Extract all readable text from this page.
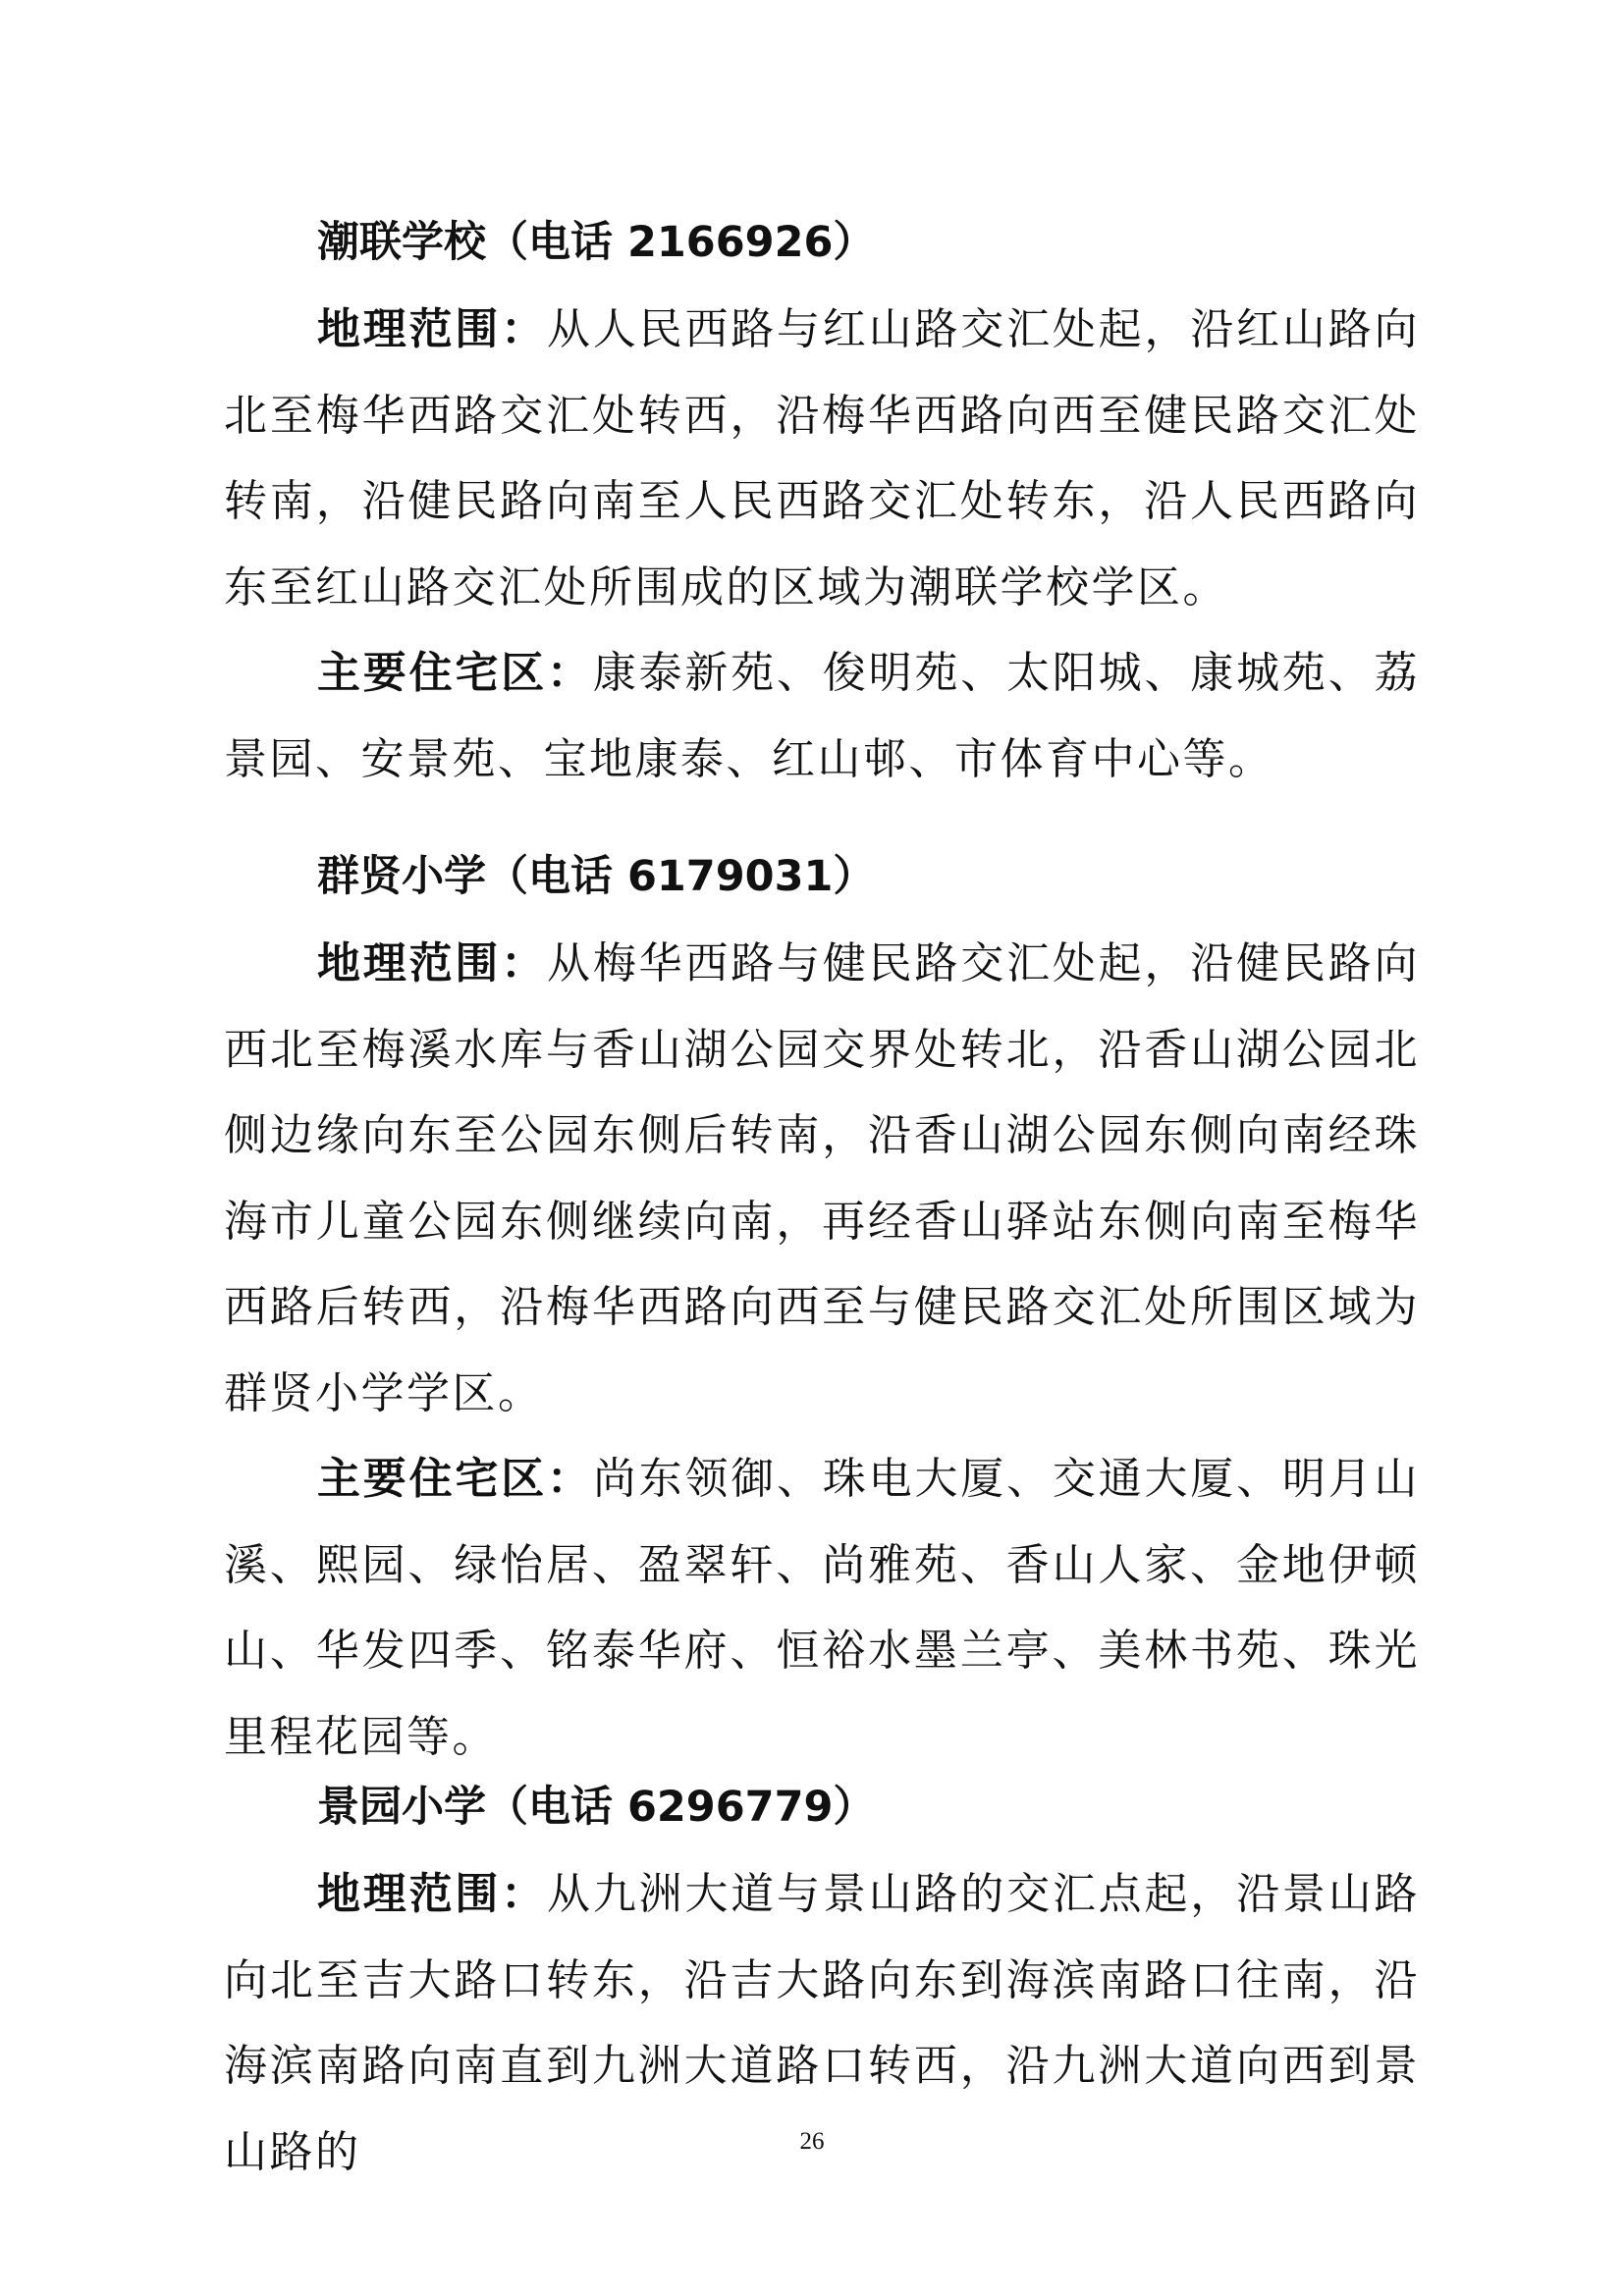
潮联学校（电话 2166926）

地理范围：从人民西路与红山路交汇处起，沿红山路向北至梅华西路交汇处转西，沿梅华西路向西至健民路交汇处转南，沿健民路向南至人民西路交汇处转东，沿人民西路向东至红山路交汇处所围成的区域为潮联学校学区。

主要住宅区：康泰新苑、俊明苑、太阳城、康城苑、荔景园、安景苑、宝地康泰、红山邨、市体育中心等。

群贤小学（电话 6179031）

地理范围：从梅华西路与健民路交汇处起，沿健民路向西北至梅溪水库与香山湖公园交界处转北，沿香山湖公园北侧边缘向东至公园东侧后转南，沿香山湖公园东侧向南经珠海市儿童公园东侧继续向南，再经香山驿站东侧向南至梅华西路后转西，沿梅华西路向西至与健民路交汇处所围区域为群贤小学学区。

主要住宅区：尚东领御、珠电大厦、交通大厦、明月山溪、熙园、绿怡居、盈翠轩、尚雅苑、香山人家、金地伊顿山、华发四季、铭泰华府、恒裕水墨兰亭、美林书苑、珠光里程花园等。

景园小学（电话 6296779）

地理范围：从九洲大道与景山路的交汇点起，沿景山路向北至吉大路口转东，沿吉大路向东到海滨南路口往南，沿海滨南路向南直到九洲大道路口转西，沿九洲大道向西到景山路的	26
